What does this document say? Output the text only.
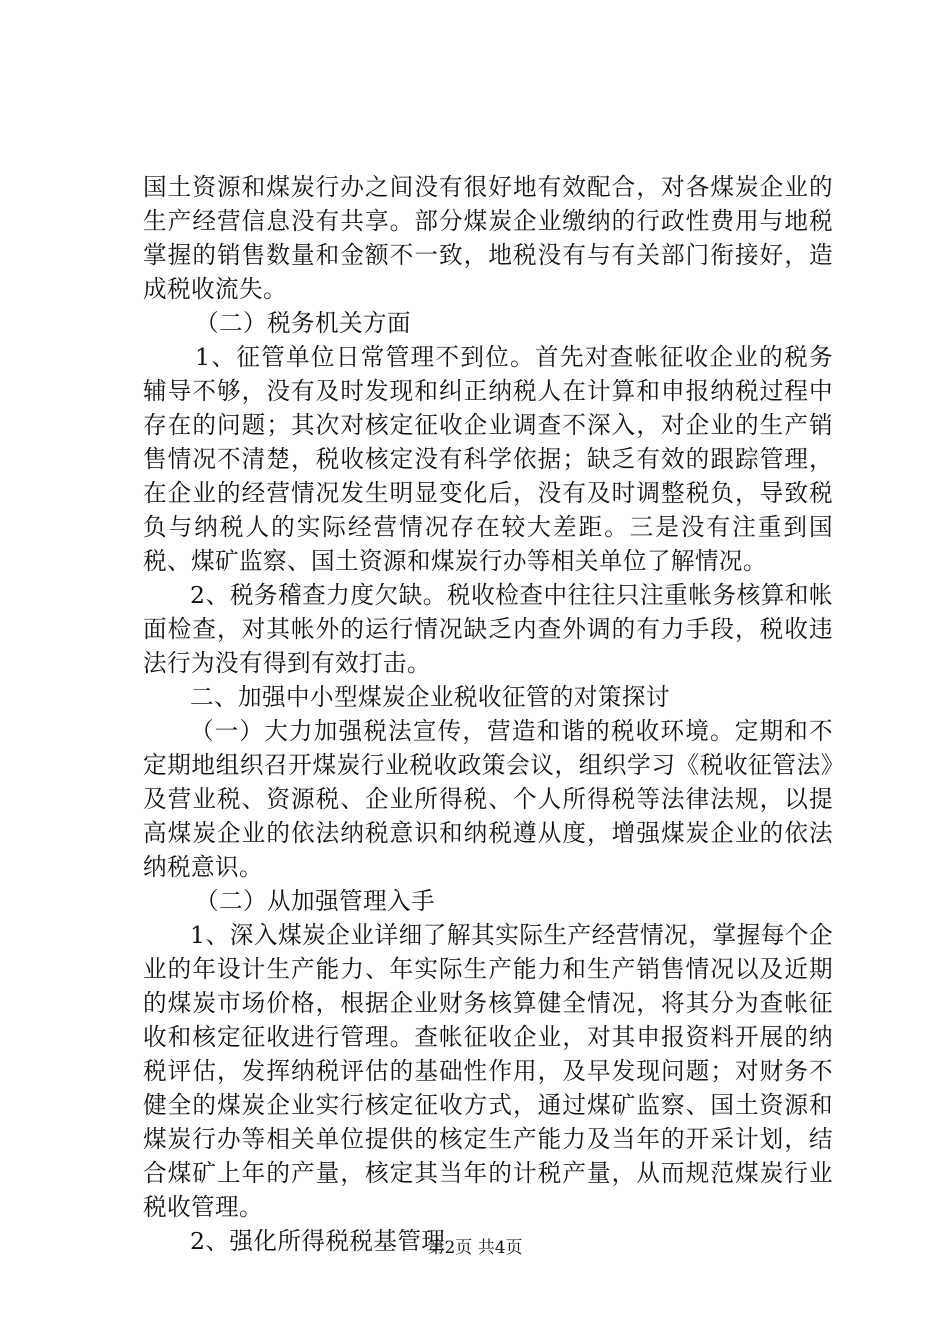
国土资源和煤炭行办之间没有很好地有效配合，对各煤炭企业的生产经营信息没有共享。部分煤炭企业缴纳的行政性费用与地税掌握的销售数量和金额不一致，地税没有与有关部门衔接好，造成税收流失。

（二）税务机关方面

1、征管单位日常管理不到位。首先对查帐征收企业的税务辅导不够，没有及时发现和纠正纳税人在计算和申报纳税过程中存在的问题；其次对核定征收企业调查不深入，对企业的生产销售情况不清楚，税收核定没有科学依据；缺乏有效的跟踪管理，在企业的经营情况发生明显变化后，没有及时调整税负，导致税负与纳税人的实际经营情况存在较大差距。三是没有注重到国税、煤矿监察、国土资源和煤炭行办等相关单位了解情况。

2、税务稽查力度欠缺。税收检查中往往只注重帐务核算和帐面检查，对其帐外的运行情况缺乏内查外调的有力手段，税收违法行为没有得到有效打击。

二、加强中小型煤炭企业税收征管的对策探讨

（一）大力加强税法宣传，营造和谐的税收环境。定期和不定期地组织召开煤炭行业税收政策会议，组织学习《税收征管法》及营业税、资源税、企业所得税、个人所得税等法律法规，以提高煤炭企业的依法纳税意识和纳税遵从度，增强煤炭企业的依法纳税意识。

（二）从加强管理入手

1、深入煤炭企业详细了解其实际生产经营情况，掌握每个企业的年设计生产能力、年实际生产能力和生产销售情况以及近期的煤炭市场价格，根据企业财务核算健全情况，将其分为查帐征收和核定征收进行管理。查帐征收企业，对其申报资料开展的纳税评估，发挥纳税评估的基础性作用，及早发现问题；对财务不健全的煤炭企业实行核定征收方式，通过煤矿监察、国土资源和煤炭行办等相关单位提供的核定生产能力及当年的开采计划，结合煤矿上年的产量，核定其当年的计税产量，从而规范煤炭行业税收管理。

2、强化所得税税基管理

第2页 共4页
